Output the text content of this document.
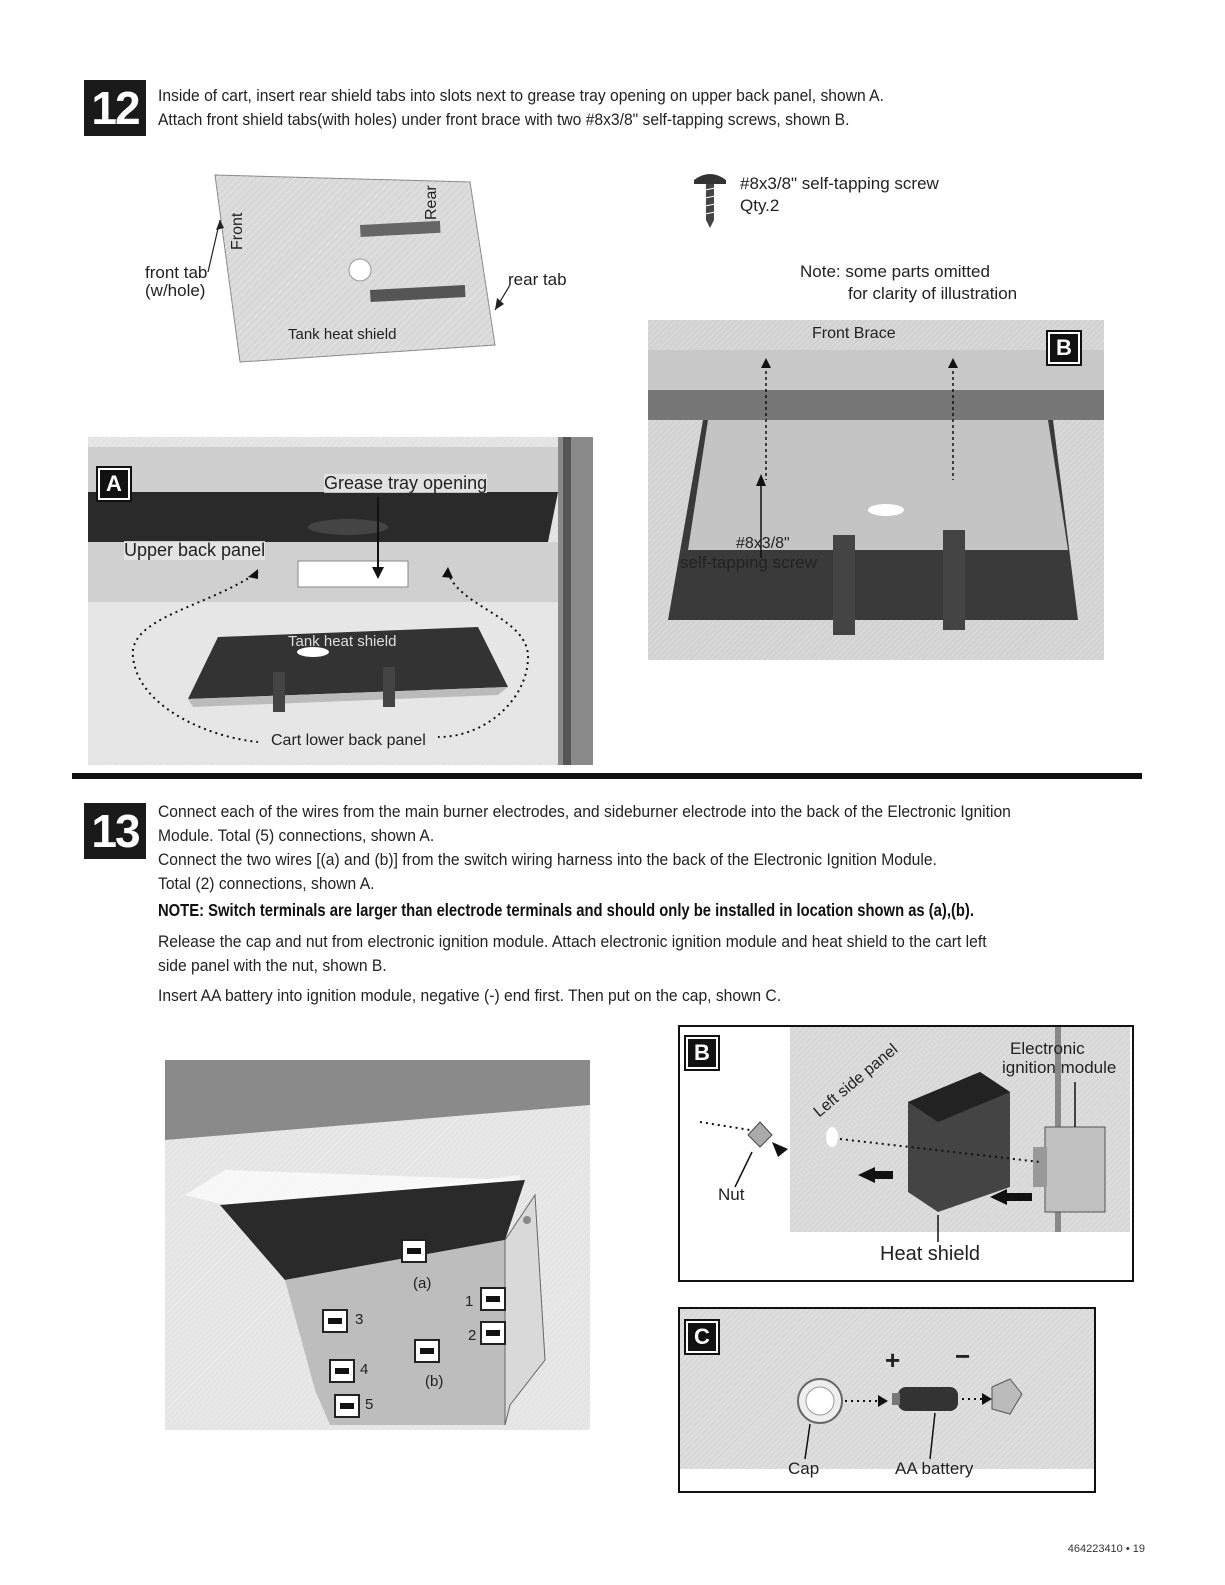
12	Inside of cart, insert rear shield tabs into slots next to grease tray opening on upper back panel, shown A.
Attach front shield tabs(with holes) under front brace with two #8x3/8" self-tapping screws, shown B.
front tab
(w/hole)
rear tab
Front
Rear
Tank heat shield
#8x3/8" self-tapping screw
Qty.2
Note: some parts omitted
for clarity of illustration
A	Grease tray opening
Upper back panel
Tank heat shield
Cart lower back panel
Front Brace
B
#8x3/8"
self-tapping screw
13	Connect each of the wires from the main burner electrodes, and sideburner electrode into the back of the Electronic Ignition
Module. Total (5) connections, shown A.
Connect the two wires [(a) and (b)] from the switch wiring harness into the back of the Electronic Ignition Module.
Total (2) connections, shown A.
NOTE: Switch terminals are larger than electrode terminals and should only be installed in location shown as (a),(b).
Release the cap and nut from electronic ignition module. Attach electronic ignition module and heat shield to the cart left
side panel with the nut, shown B.
Insert AA battery into ignition module, negative (-) end first. Then put on the cap, shown C.
3
(a)
1
4
2
5
(b)
B	Left side panel	Electronic
ignition module
Nut
Heat shield
C
+ −
Cap	AA battery
464223410 • 19
